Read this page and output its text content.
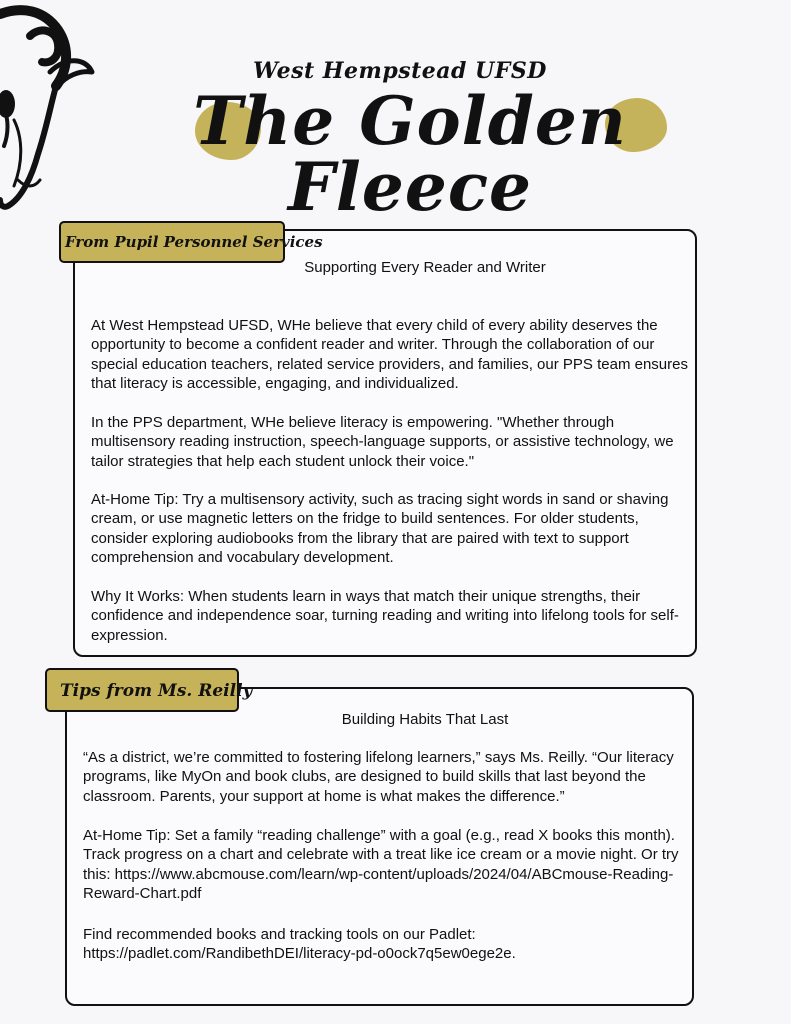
West Hempstead UFSD
The Golden Fleece
From Pupil Personnel Services
Supporting Every Reader and Writer

At West Hempstead UFSD, WHe believe that every child of every ability deserves the opportunity to become a confident reader and writer. Through the collaboration of our special education teachers, related service providers, and families, our PPS team ensures that literacy is accessible, engaging, and individualized.

In the PPS department, WHe believe literacy is empowering. "Whether through multisensory reading instruction, speech-language supports, or assistive technology, we tailor strategies that help each student unlock their voice."

At-Home Tip: Try a multisensory activity, such as tracing sight words in sand or shaving cream, or use magnetic letters on the fridge to build sentences. For older students, consider exploring audiobooks from the library that are paired with text to support comprehension and vocabulary development.

Why It Works: When students learn in ways that match their unique strengths, their confidence and independence soar, turning reading and writing into lifelong tools for self-expression.

Tips from Ms. Reilly
Building Habits That Last

“As a district, we’re committed to fostering lifelong learners,” says Ms. Reilly. “Our literacy programs, like MyOn and book clubs, are designed to build skills that last beyond the classroom. Parents, your support at home is what makes the difference.”

At-Home Tip: Set a family “reading challenge” with a goal (e.g., read X books this month). Track progress on a chart and celebrate with a treat like ice cream or a movie night. Or try this: https://www.abcmouse.com/learn/wp-content/uploads/2024/04/ABCmouse-Reading-Reward-Chart.pdf

Find recommended books and tracking tools on our Padlet:
https://padlet.com/RandibethDEI/literacy-pd-o0ock7q5ew0ege2e.
